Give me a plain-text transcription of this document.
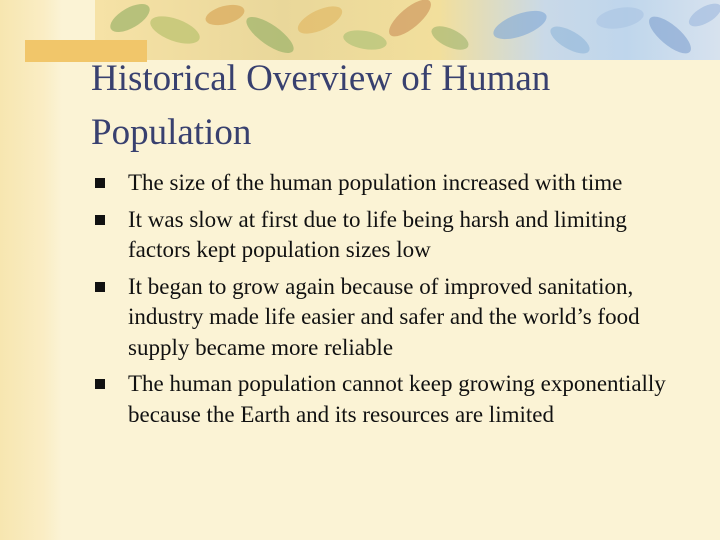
Historical Overview of Human Population
The size of the human population increased with time
It was slow at first due to life being harsh and limiting factors kept population sizes low
It began to grow again because of improved sanitation, industry made life easier and safer and the world’s food supply became more reliable
The human population cannot keep growing exponentially because the Earth and its resources are limited
